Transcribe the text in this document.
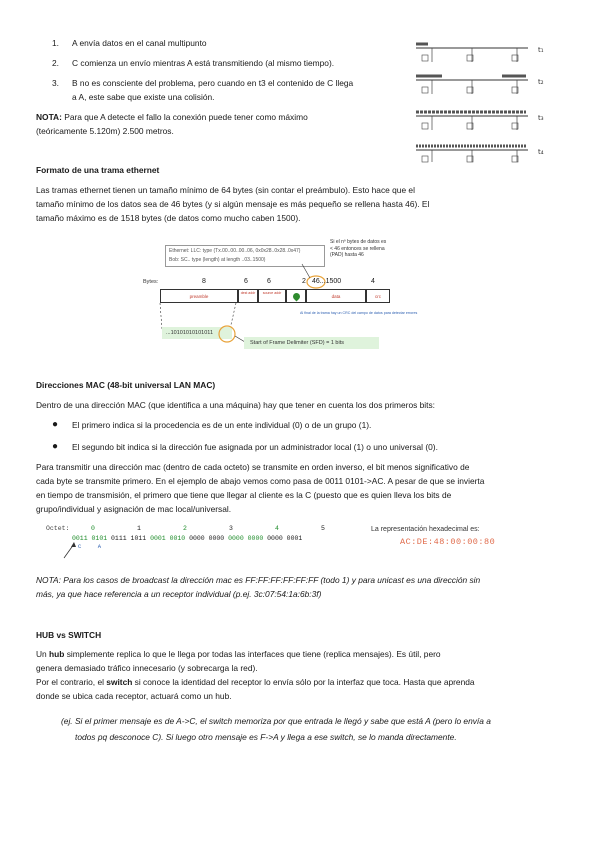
1.	A envía datos en el canal multipunto
2.	C comienza un envío mientras A está transmitiendo (al mismo tiempo).
3.	B no es consciente del problema, pero cuando en t3 el contenido de C llega
a A, este sabe que existe una colisión.
NOTA: Para que A detecte el fallo la conexión puede tener como máximo
(teóricamente 5.120m) 2.500 metros.
t₁
t₂
t₃
t₄
Formato de una trama ethernet
Las tramas ethernet tienen un tamaño mínimo de 64 bytes (sin contar el preámbulo). Esto hace que el
tamaño mínimo de los datos sea de 46 bytes (y si algún mensaje es más pequeño se rellena hasta 46). El
tamaño máximo es de 1518 bytes (de datos como mucho caben 1500).
Ethernet: LLC: type (Tx.00..00..00..06, 0x0x28..0x28..0x47)
Bob: SC.. type (length) at length ..03..1500)
Si el nº bytes de datos es < 46 entonces se rellena (PAD) hasta 46
Bytes:	8	6	6	2 46...1500	4
preamble
dest addr	source addr
data	crc
Al final de la trama hay un CRC del campo de datos para detectar errores
...10101010101011
Start of Frame Delimiter (SFD) = 1 bits
Direcciones MAC (48-bit universal LAN MAC)
Dentro de una dirección MAC (que identifica a una máquina) hay que tener en cuenta los dos primeros bits:
● El primero indica si la procedencia es de un ente individual (0) o de un grupo (1).
● El segundo bit indica si la dirección fue asignada por un administrador local (1) o uno universal (0).
Para transmitir una dirección mac (dentro de cada octeto) se transmite en orden inverso, el bit menos significativo de
cada byte se transmite primero. En el ejemplo de abajo vemos como pasa de 0011 0101->AC. A pesar de que se invierta
en tiempo de transmisión, el primero que tiene que llegar al cliente es la C (puesto que es quien lleva los bits de
grupo/individual y asignación de mac local/universal.
Octet:	0	1	2	3	4	5
0011 0101 0111 1011 0001 0010 0000 0000 0000 0000 0000 0001
C     A
La representación hexadecimal es:
AC:DE:48:00:00:80
NOTA: Para los casos de broadcast la dirección mac es FF:FF:FF:FF:FF:FF (todo 1) y para unicast es una dirección sin
más, ya que hace referencia a un receptor individual (p.ej. 3c:07:54:1a:6b:3f)
HUB vs SWITCH
Un hub simplemente replica lo que le llega por todas las interfaces que tiene (replica mensajes). Es útil, pero
genera demasiado tráfico innecesario (y sobrecarga la red).
Por el contrario, el switch si conoce la identidad del receptor lo envía sólo por la interfaz que toca. Hasta que aprenda
donde se ubica cada receptor, actuará como un hub.
(ej. Si el primer mensaje es de A->C, el switch memoriza por que entrada le llegó y sabe que está A (pero lo envía a
todos pq desconoce C). Si luego otro mensaje es F->A y llega a ese switch, se lo manda directamente.
